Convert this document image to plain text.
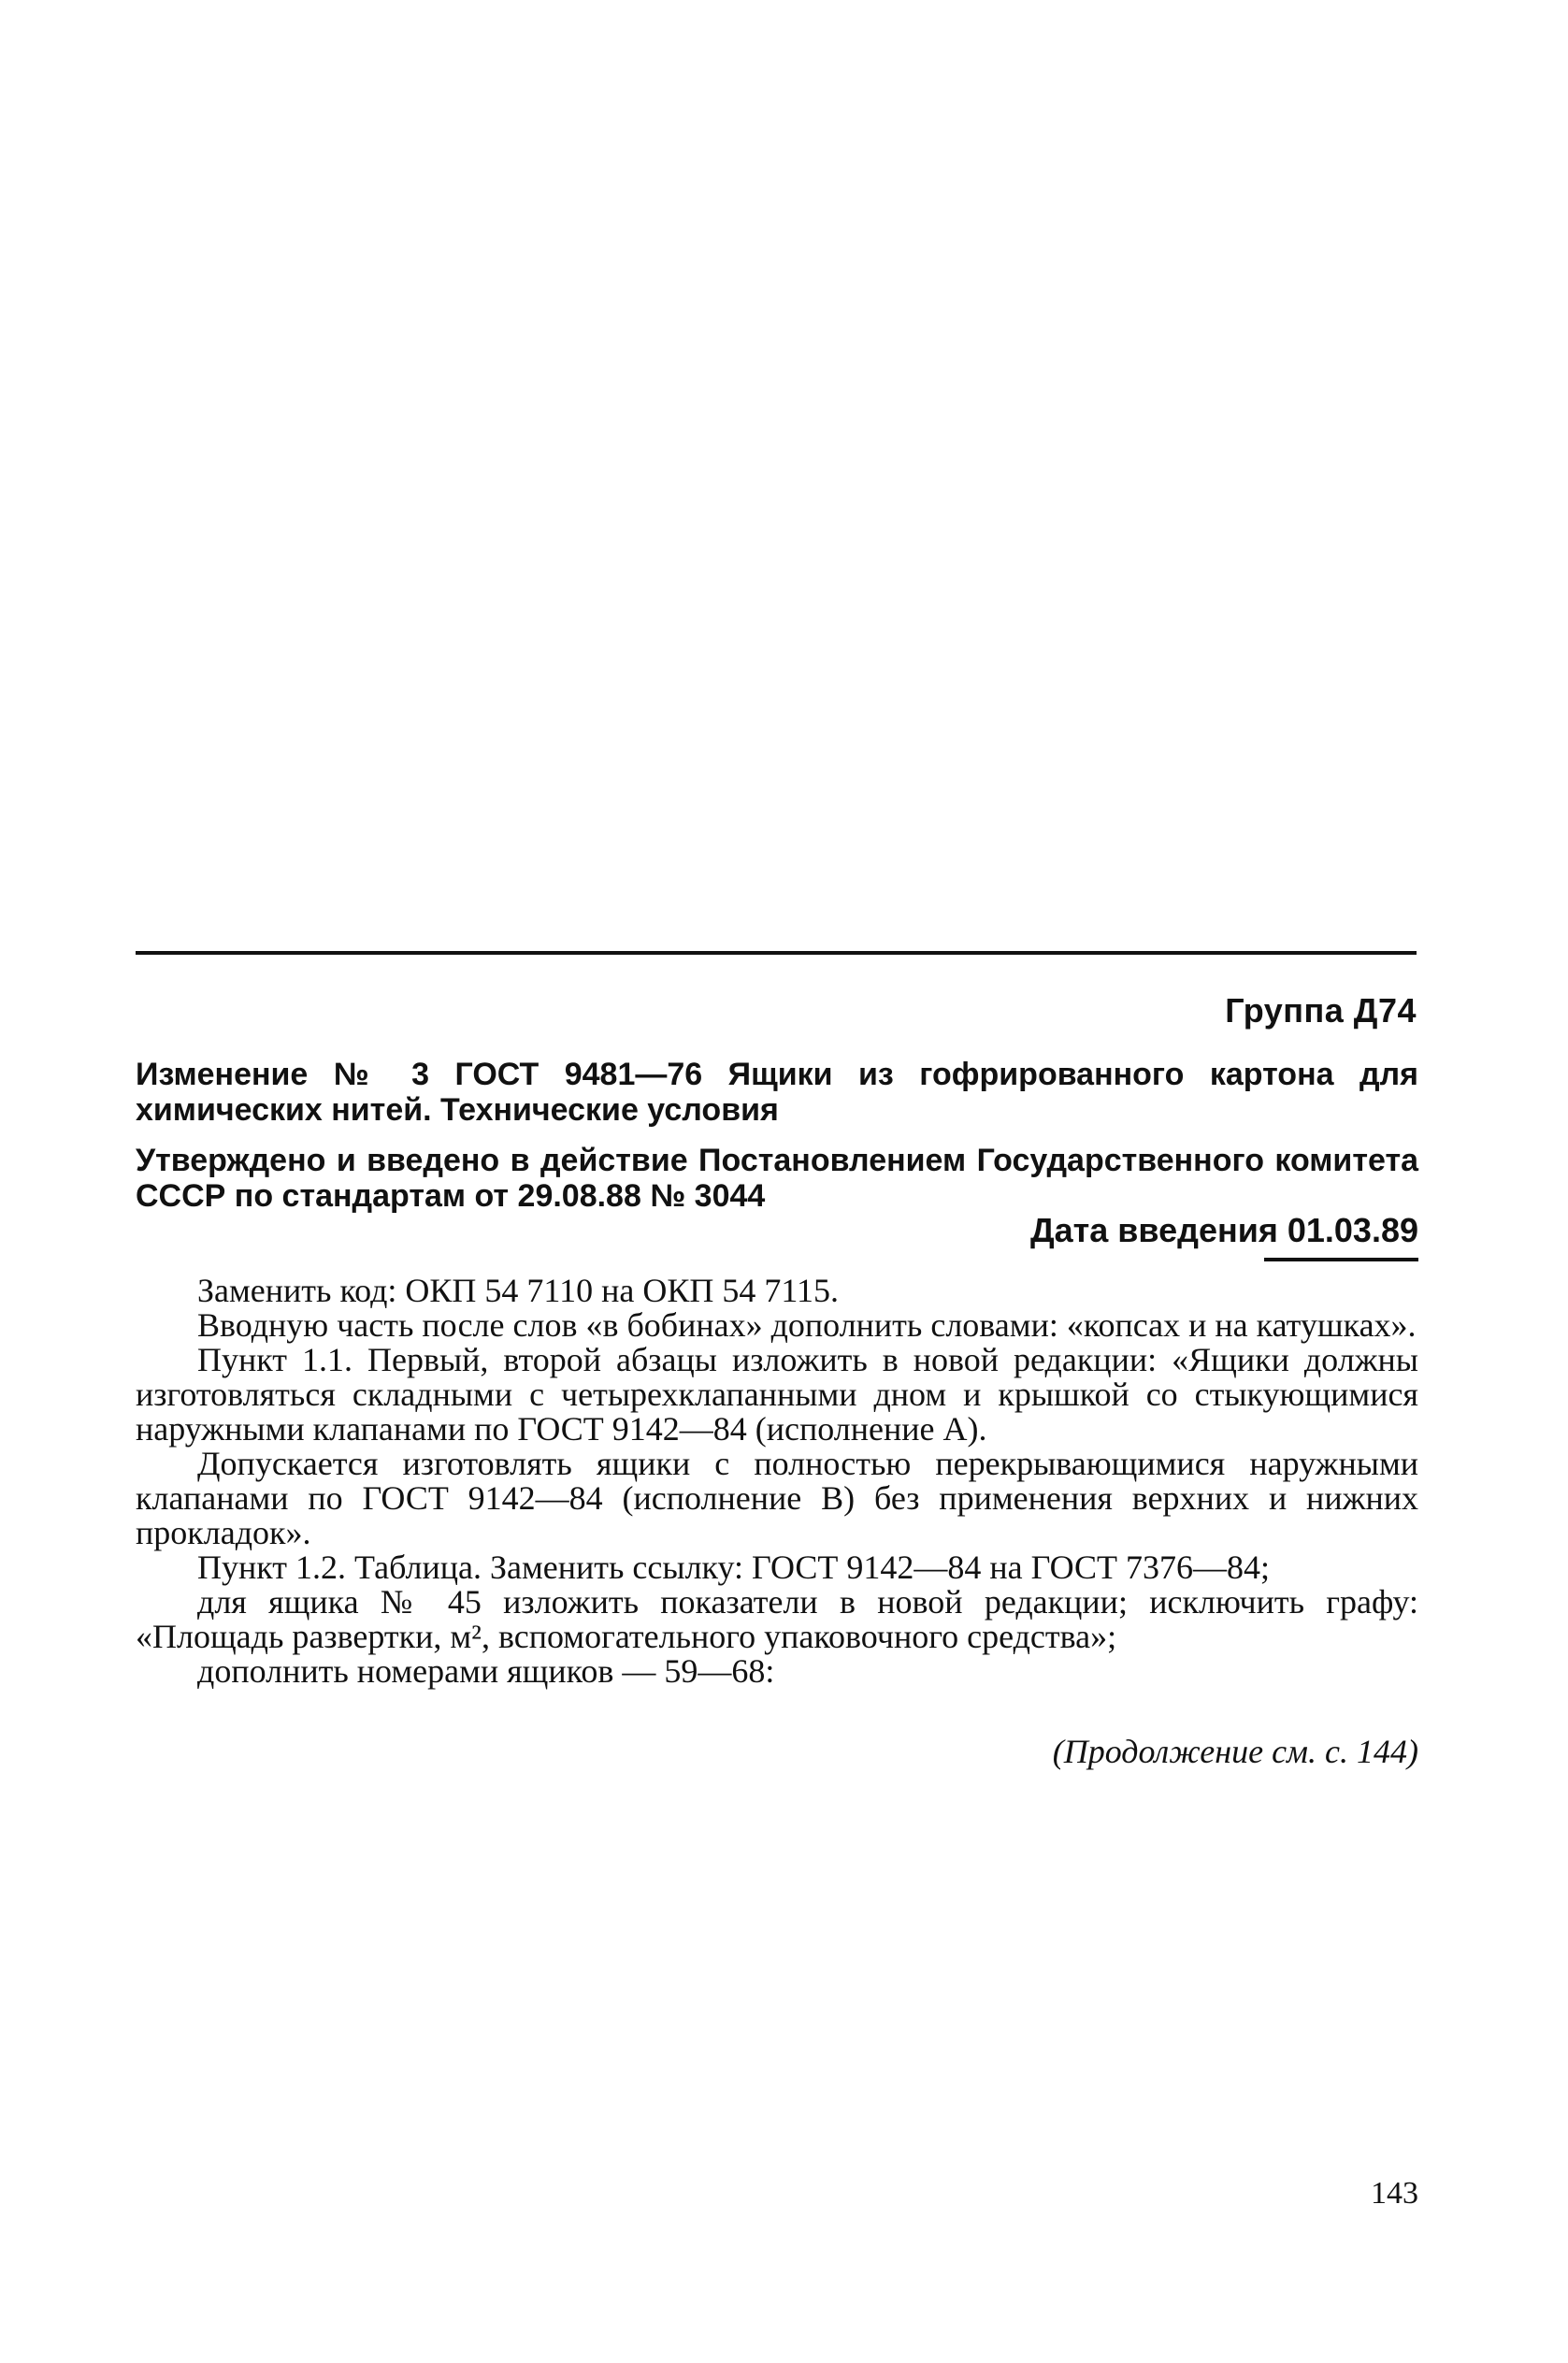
Группа Д74
Изменение № 3 ГОСТ 9481—76 Ящики из гофрированного картона для химических нитей. Технические условия
Утверждено и введено в действие Постановлением Государственного комитета СССР по стандартам от 29.08.88 № 3044
Дата введения 01.03.89

Заменить код: ОКП 54 7110 на ОКП 54 7115.

Вводную часть после слов «в бобинах» дополнить словами: «копсах и на катушках».

Пункт 1.1. Первый, второй абзацы изложить в новой редакции: «Ящики должны изготовляться складными с четырехклапанными дном и крышкой со стыкующимися наружными клапанами по ГОСТ 9142—84 (исполнение А).

Допускается изготовлять ящики с полностью перекрывающимися наружными клапанами по ГОСТ 9142—84 (исполнение В) без применения верхних и нижних прокладок».

Пункт 1.2. Таблица. Заменить ссылку: ГОСТ 9142—84 на ГОСТ 7376—84;

для ящика № 45 изложить показатели в новой редакции; исключить графу: «Площадь развертки, м², вспомогательного упаковочного средства»;

дополнить номерами ящиков — 59—68:

(Продолжение см. с. 144)
143
